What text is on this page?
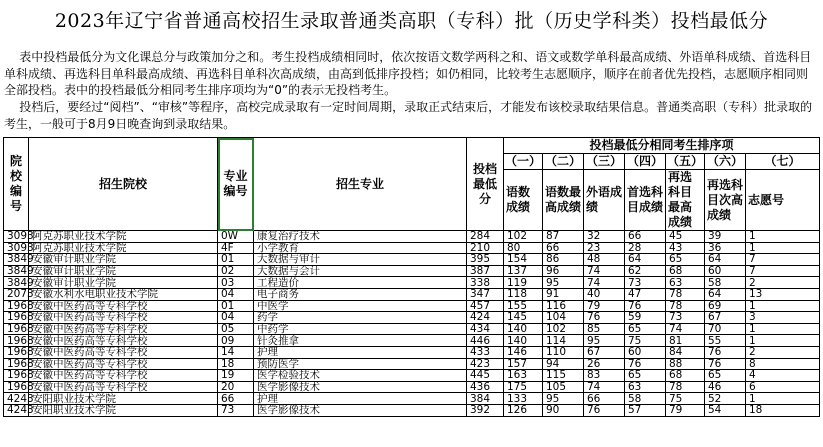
2023年辽宁省普通高校招生录取普通类高职（专科）批（历史学科类）投档最低分
表中投档最低分为文化课总分与政策加分之和。考生投档成绩相同时，依次按语文数学两科之和、语文或数学单科最高成绩、外语单科成绩、首选科目单科成绩、再选科目单科最高成绩、再选科目单科次高成绩，由高到低排序投档；如仍相同，比较考生志愿顺序，顺序在前者优先投档，志愿顺序相同则全部投档。表中的投档最低分相同考生排序项均为“0”的表示无投档考生。
投档后，要经过“阅档”、“审核”等程序，高校完成录取有一定时间周期，录取正式结束后，才能发布该校录取结果信息。普通类高职（专科）批录取的考生，一般可于8月9日晚查询到录取结果。
院校编号	招生院校	专业编号	招生专业	投档最低分	投档最低分相同考生排序项						
					（一）	（二）	（三）	（四）	（五）	（六）	（七）
					语数成绩	语数最高成绩	外语成绩	首选科目成绩	再选科目最高成绩	再选科目次高成绩	志愿号
3093	阿克苏职业技术学院	0W	康复治疗技术	284	102	87	32	66	45	39	1
3093	阿克苏职业技术学院	4F	小学教育	210	80	66	23	28	43	36	1
3849	安徽审计职业学院	01	大数据与审计	395	154	86	48	64	65	64	7
3849	安徽审计职业学院	02	大数据与会计	387	137	96	74	62	68	60	7
3849	安徽审计职业学院	03	工程造价	338	119	95	74	73	63	58	2
2073	安徽水利水电职业技术学院	04	电子商务	347	118	91	40	47	78	64	13
1968	安徽中医药高等专科学校	01	中医学	457	155	116	79	76	78	69	1
1968	安徽中医药高等专科学校	04	药学	424	145	104	76	59	73	67	3
1968	安徽中医药高等专科学校	05	中药学	434	140	102	85	65	74	70	1
1968	安徽中医药高等专科学校	09	针灸推拿	446	140	114	95	75	81	55	1
1968	安徽中医药高等专科学校	14	护理	433	146	110	67	60	84	76	2
1968	安徽中医药高等专科学校	18	预防医学	423	157	94	26	76	88	76	8
1968	安徽中医药高等专科学校	19	医学检验技术	445	163	115	83	65	68	65	4
1968	安徽中医药高等专科学校	20	医学影像技术	436	175	105	74	63	78	46	6
4243	安阳职业技术学院	66	护理	384	133	95	66	58	75	52	1
4243	安阳职业技术学院	73	医学影像技术	392	126	90	76	57	79	54	18
